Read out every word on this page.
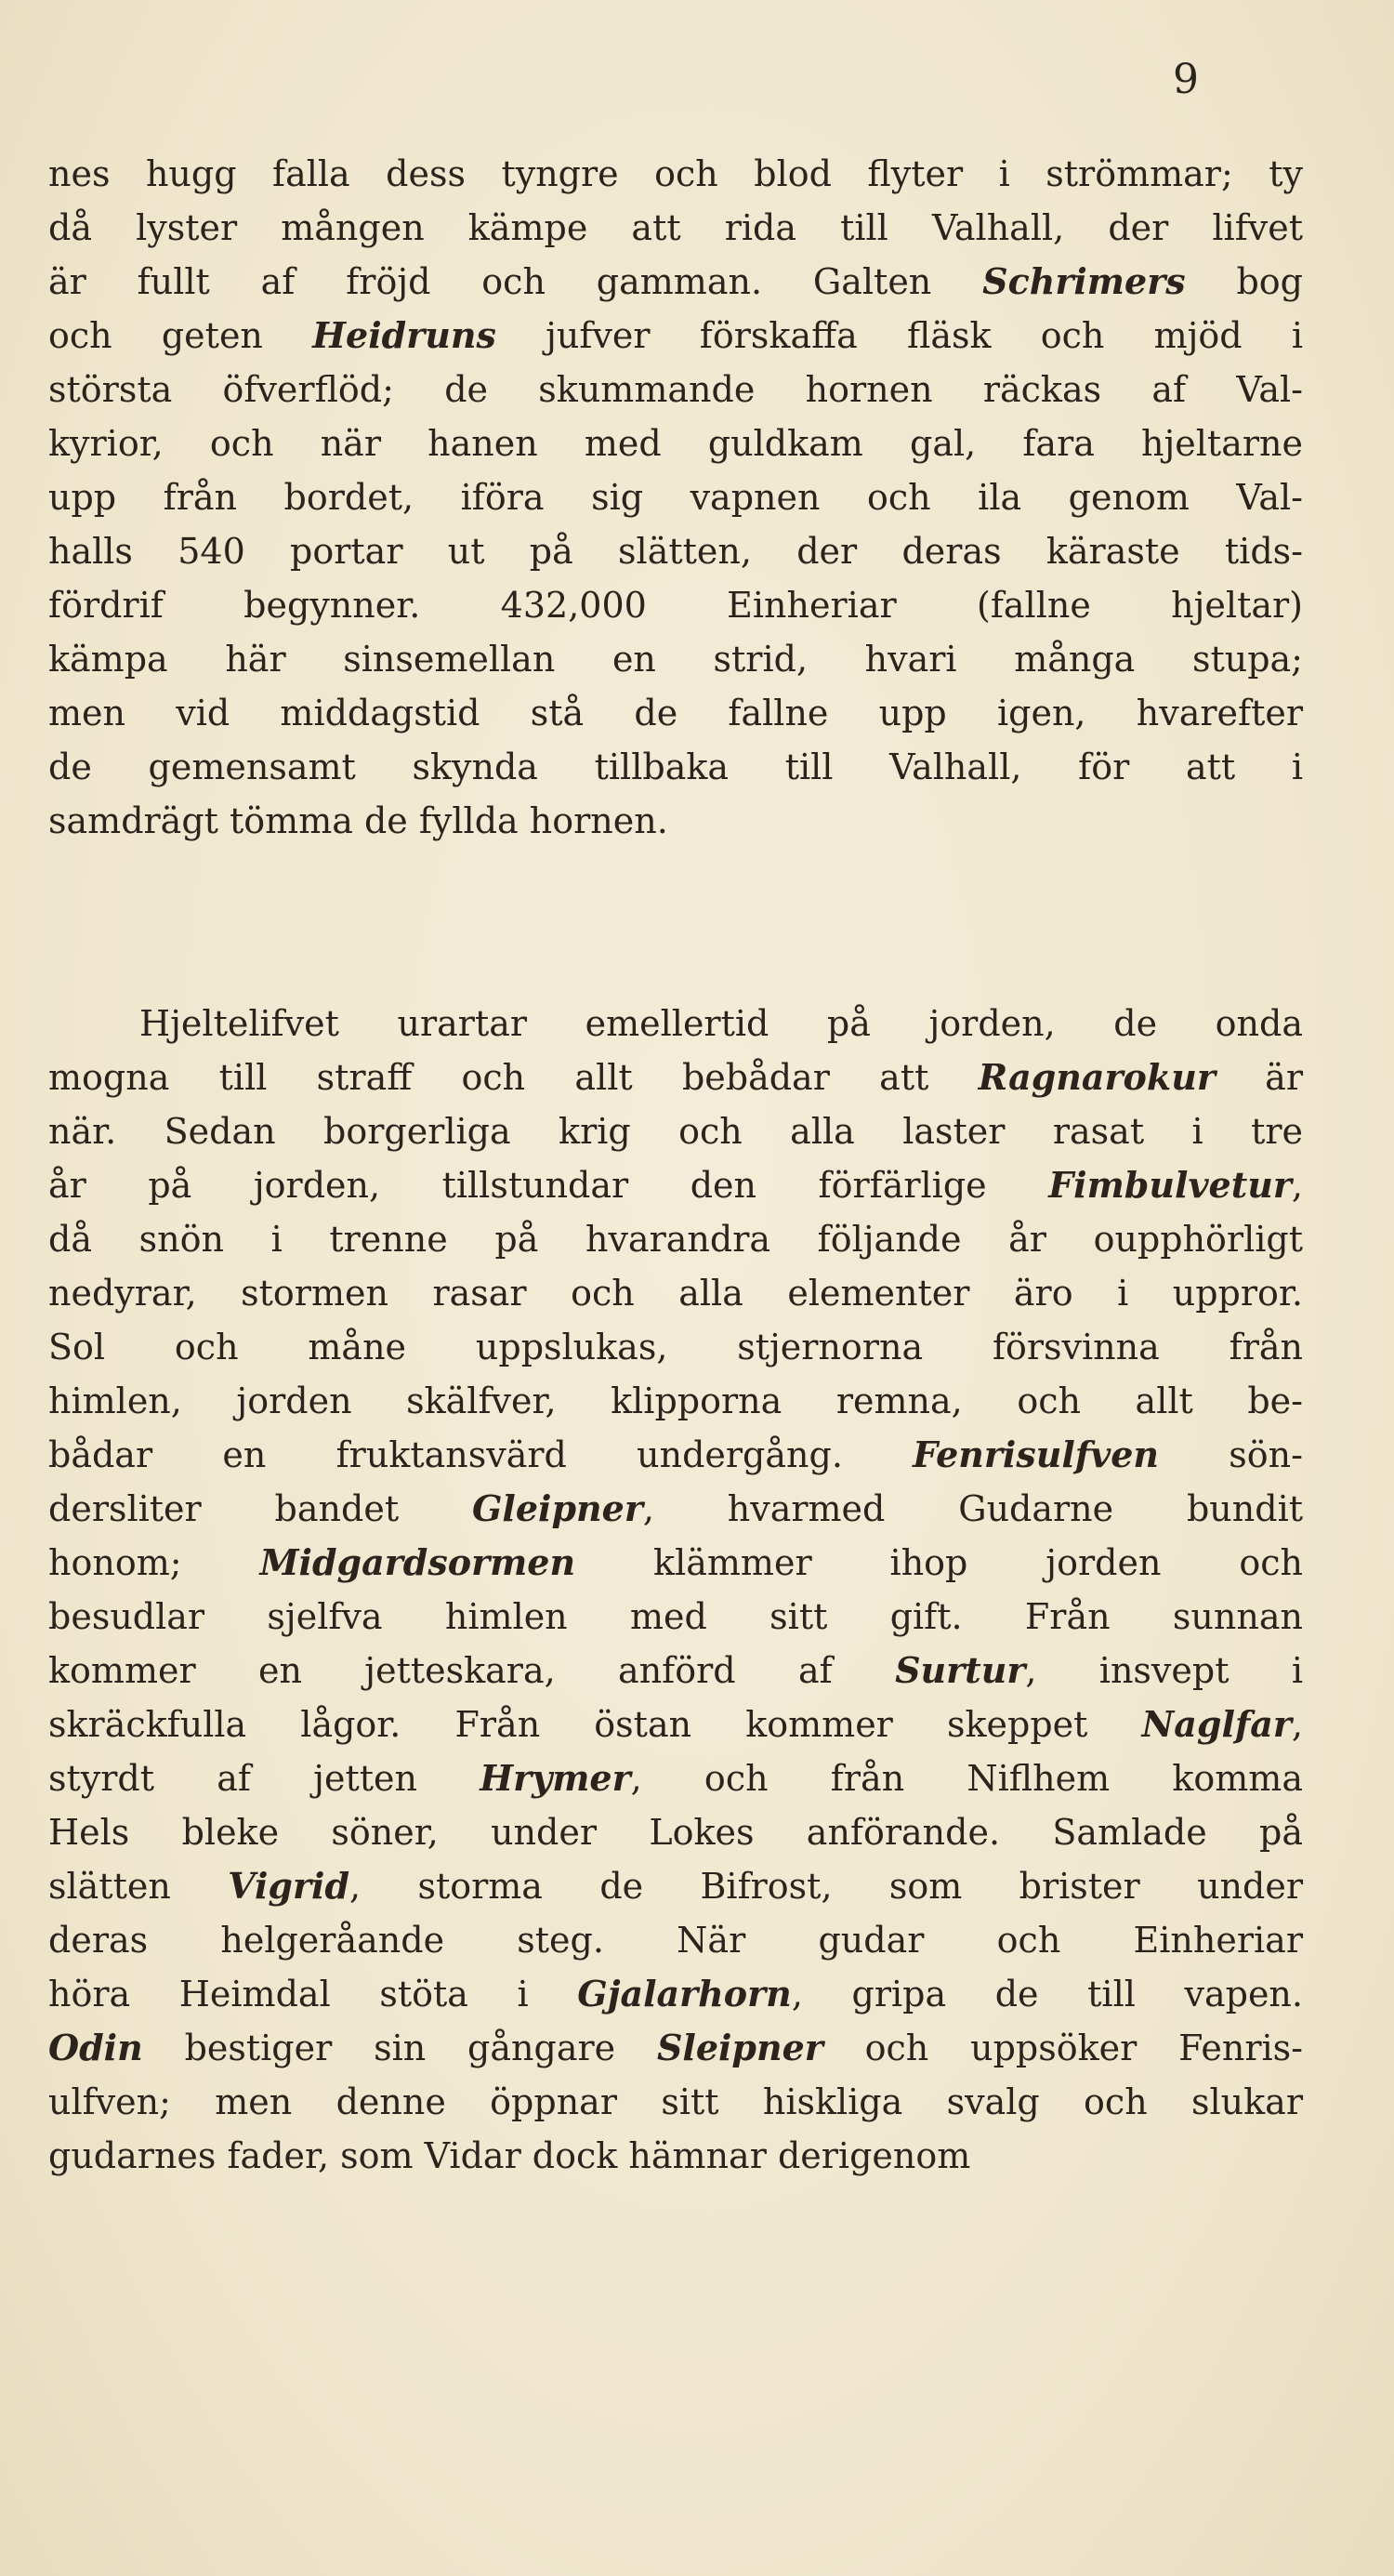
9

nes hugg falla dess tyngre och blod flyter i strömmar; ty
då lyster mången kämpe att rida till Valhall, der lifvet
är fullt af fröjd och gamman. Galten Schrimers bog
och geten Heidruns jufver förskaffa fläsk och mjöd i
största öfverflöd; de skummande hornen räckas af Val-
kyrior, och när hanen med guldkam gal, fara hjeltarne
upp från bordet, iföra sig vapnen och ila genom Val-
halls 540 portar ut på slätten, der deras käraste tids-
fördrif begynner. 432,000 Einheriar (fallne hjeltar)
kämpa här sinsemellan en strid, hvari många stupa;
men vid middagstid stå de fallne upp igen, hvarefter
de gemensamt skynda tillbaka till Valhall, för att i
samdrägt tömma de fyllda hornen.

Hjeltelifvet urartar emellertid på jorden, de onda
mogna till straff och allt bebådar att Ragnarokur är
när. Sedan borgerliga krig och alla laster rasat i tre
år på jorden, tillstundar den förfärlige Fimbulvetur,
då snön i trenne på hvarandra följande år oupphörligt
nedyrar, stormen rasar och alla elementer äro i uppror.
Sol och måne uppslukas, stjernorna försvinna från
himlen, jorden skälfver, klipporna remna, och allt be-
bådar en fruktansvärd undergång. Fenrisulfven sön-
dersliter bandet Gleipner, hvarmed Gudarne bundit
honom; Midgardsormen klämmer ihop jorden och
besudlar sjelfva himlen med sitt gift. Från sunnan
kommer en jetteskara, anförd af Surtur, insvept i
skräckfulla lågor. Från östan kommer skeppet Naglfar,
styrdt af jetten Hrymer, och från Niflhem komma
Hels bleke söner, under Lokes anförande. Samlade på
slätten Vigrid, storma de Bifrost, som brister under
deras helgeråande steg. När gudar och Einheriar
höra Heimdal stöta i Gjalarhorn, gripa de till vapen.
Odin bestiger sin gångare Sleipner och uppsöker Fenris-
ulfven; men denne öppnar sitt hiskliga svalg och slukar
gudarnes fader, som Vidar dock hämnar derigenom
